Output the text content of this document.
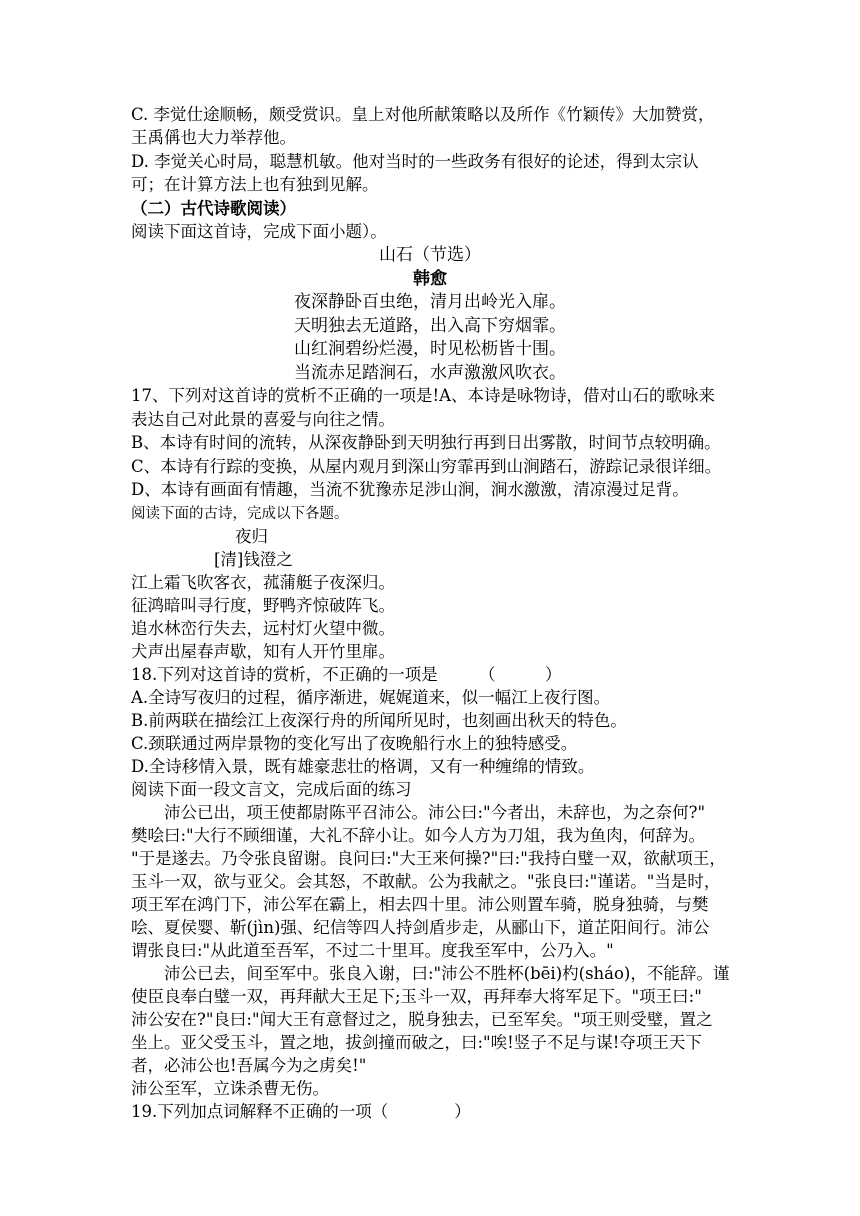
C. 李觉仕途顺畅，颇受赏识。皇上对他所献策略以及所作《竹颖传》大加赞赏，
王禹偁也大力举荐他。
D. 李觉关心时局，聪慧机敏。他对当时的一些政务有很好的论述，得到太宗认
可；在计算方法上也有独到见解。
（二）古代诗歌阅读）
阅读下面这首诗，完成下面小题）。
山石（节选）
韩愈
夜深静卧百虫绝，清月出岭光入扉。
天明独去无道路，出入高下穷烟霏。
山红涧碧纷烂漫，时见松枥皆十围。
当流赤足踏涧石，水声激激风吹衣。
17、下列对这首诗的赏析不正确的一项是!A、本诗是咏物诗，借对山石的歌咏来
表达自己对此景的喜爱与向往之情。
B、本诗有时间的流转，从深夜静卧到天明独行再到日出雾散，时间节点较明确。
C、本诗有行踪的变换，从屋内观月到深山穷霏再到山涧踏石，游踪记录很详细。
D、本诗有画面有情趣，当流不犹豫赤足涉山涧，涧水激激，清凉漫过足背。
阅读下面的古诗，完成以下各题。
夜归
[清]钱澄之
江上霜飞吹客衣，菰蒲艇子夜深归。
征鸿暗叫寻行度，野鸭齐惊破阵飞。
追水林峦行失去，远村灯火望中微。
犬声出屋春声歇，知有人开竹里扉。
18.下列对这首诗的赏析，不正确的一项是　　　（　　　）
A.全诗写夜归的过程，循序渐进，娓娓道来，似一幅江上夜行图。
B.前两联在描绘江上夜深行舟的所闻所见时，也刻画出秋天的特色。
C.颈联通过两岸景物的变化写出了夜晚船行水上的独特感受。
D.全诗移情入景，既有雄豪悲壮的格调，又有一种缠绵的情致。
阅读下面一段文言文，完成后面的练习
沛公已出，项王使都尉陈平召沛公。沛公曰:"今者出，未辞也，为之奈何?"
樊哙曰:"大行不顾细谨，大礼不辞小让。如今人方为刀俎，我为鱼肉，何辞为。
"于是遂去。乃令张良留谢。良问曰:"大王来何操?"曰:"我持白璧一双，欲献项王，
玉斗一双，欲与亚父。会其怒，不敢献。公为我献之。"张良曰:"谨诺。"当是时，
项王军在鸿门下，沛公军在霸上，相去四十里。沛公则置车骑，脱身独骑，与樊
哙、夏侯婴、靳(jìn)强、纪信等四人持剑盾步走，从郦山下，道芷阳间行。沛公
谓张良曰:"从此道至吾军，不过二十里耳。度我至军中，公乃入。"
沛公已去，间至军中。张良入谢，曰:"沛公不胜杯(bēi)杓(sháo)，不能辞。谨
使臣良奉白璧一双，再拜献大王足下;玉斗一双，再拜奉大将军足下。"项王曰:"
沛公安在?"良曰:"闻大王有意督过之，脱身独去，已至军矣。"项王则受璧，置之
坐上。亚父受玉斗，置之地，拔剑撞而破之，曰:"唉!竖子不足与谋!夺项王天下
者，必沛公也!吾属今为之虏矣!"
沛公至军，立诛杀曹无伤。
19.下列加点词解释不正确的一项（　　　　）
